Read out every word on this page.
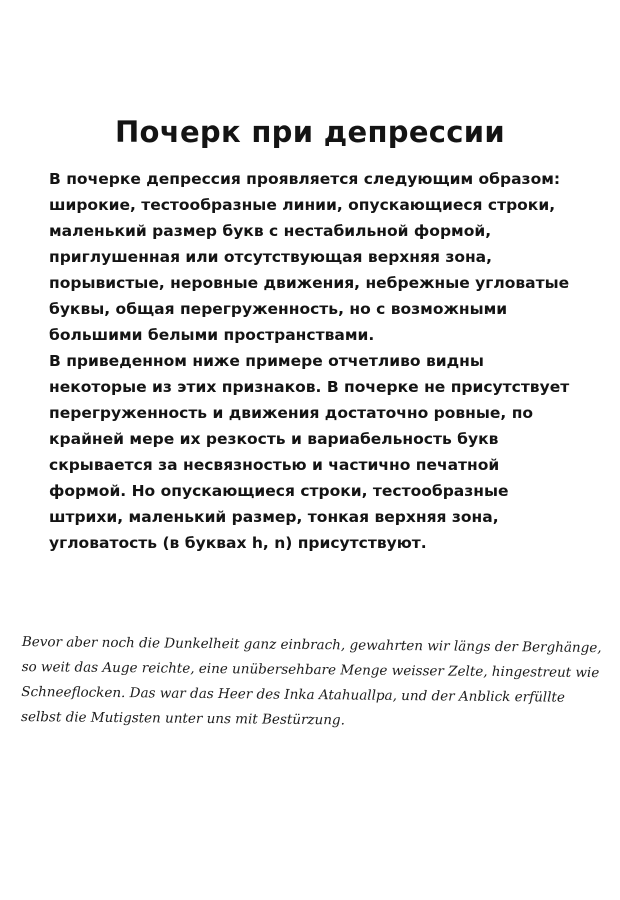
Почерк при депрессии

В почерке депрессия проявляется следующим образом: широкие, тестообразные линии, опускающиеся строки, маленький размер букв с нестабильной формой, приглушенная или отсутствующая верхняя зона, порывистые, неровные движения, небрежные угловатые буквы, общая перегруженность, но с возможными большими белыми пространствами.

В приведенном ниже примере отчетливо видны некоторые из этих признаков. В почерке не присутствует перегруженность и движения достаточно ровные, по крайней мере их резкость и вариабельность букв скрывается за несвязностью и частично печатной формой. Но опускающиеся строки, тестообразные штрихи, маленький размер, тонкая верхняя зона, угловатость (в буквах h, n) присутствуют.

Bevor aber noch die Dunkelheit ganz einbrach, gewahrten wir längs der Berghänge, so weit das Auge reichte, eine unübersehbare Menge weisser Zelte, hingestreut wie Schneeflocken. Das war das Heer des Inka Atahuallpa, und der Anblick erfüllte selbst die Mutigsten unter uns mit Bestürzung.
